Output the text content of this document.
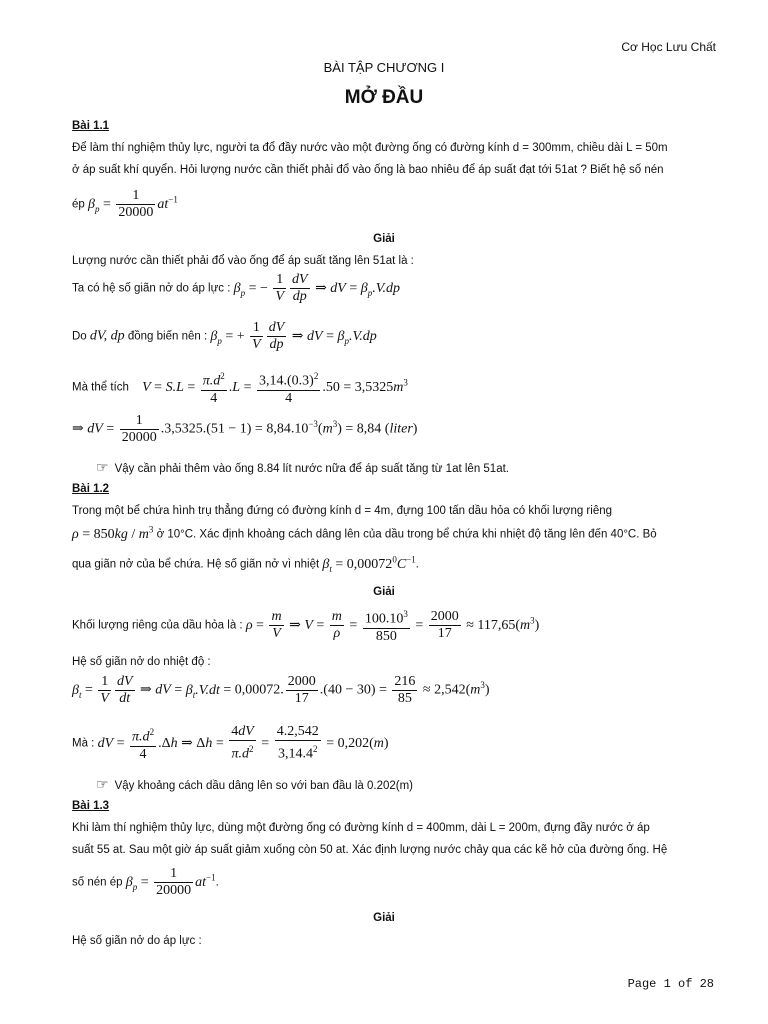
Cơ Học Lưu Chất
BÀI TẬP CHƯƠNG I
MỞ ĐẦU
Bài 1.1
Để làm thí nghiệm thủy lực, người ta đổ đầy nước vào một đường ống có đường kính d = 300mm, chiều dài L = 50m
ở áp suất khí quyển. Hỏi lượng nước cần thiết phải đổ vào ống là bao nhiêu để áp suất đạt tới 51at ? Biết hệ số nén
ép $\beta_p = \frac{1}{20000} at^{-1}$
Giải
Lượng nước cần thiết phải đổ vào ống để áp suất tăng lên 51at là :
Ta có hệ số giãn nở do áp lực : $\beta_p$ = − $\frac{1}{V} \frac{dV}{dp}$ ⇒ dV = $\beta_p.V.dp$
Do dV, dp đồng biến nên : $\beta_p$ = + $\frac{1}{V} \frac{dV}{dp}$ ⇒ dV = $\beta_p.V.dp$
Mà thể tích $V = S.L = \frac{\pi.d^2}{4} .L = \frac{3,14.(0.3)^2}{4} .50 = 3,5325m^3$
⇒ dV = $\frac{1}{20000} .3,5325.(51 - 1) = 8,84.10^{-3}(m^3) = 8,84$ (liter)
☞ Vậy cần phải thêm vào ống 8.84 lít nước nữa để áp suất tăng từ 1at lên 51at.
Bài 1.2
Trong một bể chứa hình trụ thẳng đứng có đường kính d = 4m, đựng 100 tấn dầu hỏa có khối lượng riêng
$\rho = 850kg / m^3$ ở 10°C. Xác định khoảng cách dâng lên của dầu trong bể chứa khi nhiệt độ tăng lên đến 40°C. Bỏ
qua giãn nở của bể chứa. Hệ số giãn nở vì nhiệt $\beta_t = 0,00072^0C^{-1}$.
Giải
Khối lượng riêng của dầu hỏa là : $\rho = \frac{m}{V}$ ⇒ $V = \frac{m}{\rho} = \frac{100.10^3}{850} = \frac{2000}{17} \approx 117,65(m^3)$
Hệ số giãn nở do nhiệt độ :
$\beta_t = \frac{1}{V} \frac{dV}{dt}$ ⇒ dV = $\beta_t.V.dt = 0,00072$. $\frac{2000}{17} .(40 - 30) = \frac{216}{85} \approx 2,542(m^3)$
Mà : dV = $\frac{\pi.d^2}{4} .\Delta h$ ⇒ $\Delta h = \frac{4dV}{\pi.d^2} = \frac{4.2,542}{3,14.4^2} = 0,202(m)$
☞ Vậy khoảng cách dầu dâng lên so với ban đầu là 0.202(m)
Bài 1.3
Khi làm thí nghiệm thủy lực, dùng một đường ống có đường kính d = 400mm, dài L = 200m, đựng đầy nước ở áp
suất 55 at. Sau một giờ áp suất giảm xuống còn 50 at. Xác định lượng nước chảy qua các kẽ hở của đường ống. Hệ
số nén ép $\beta_p = \frac{1}{20000} at^{-1}$.
Giải
Hệ số giãn nở do áp lực :
Page 1 of 28
